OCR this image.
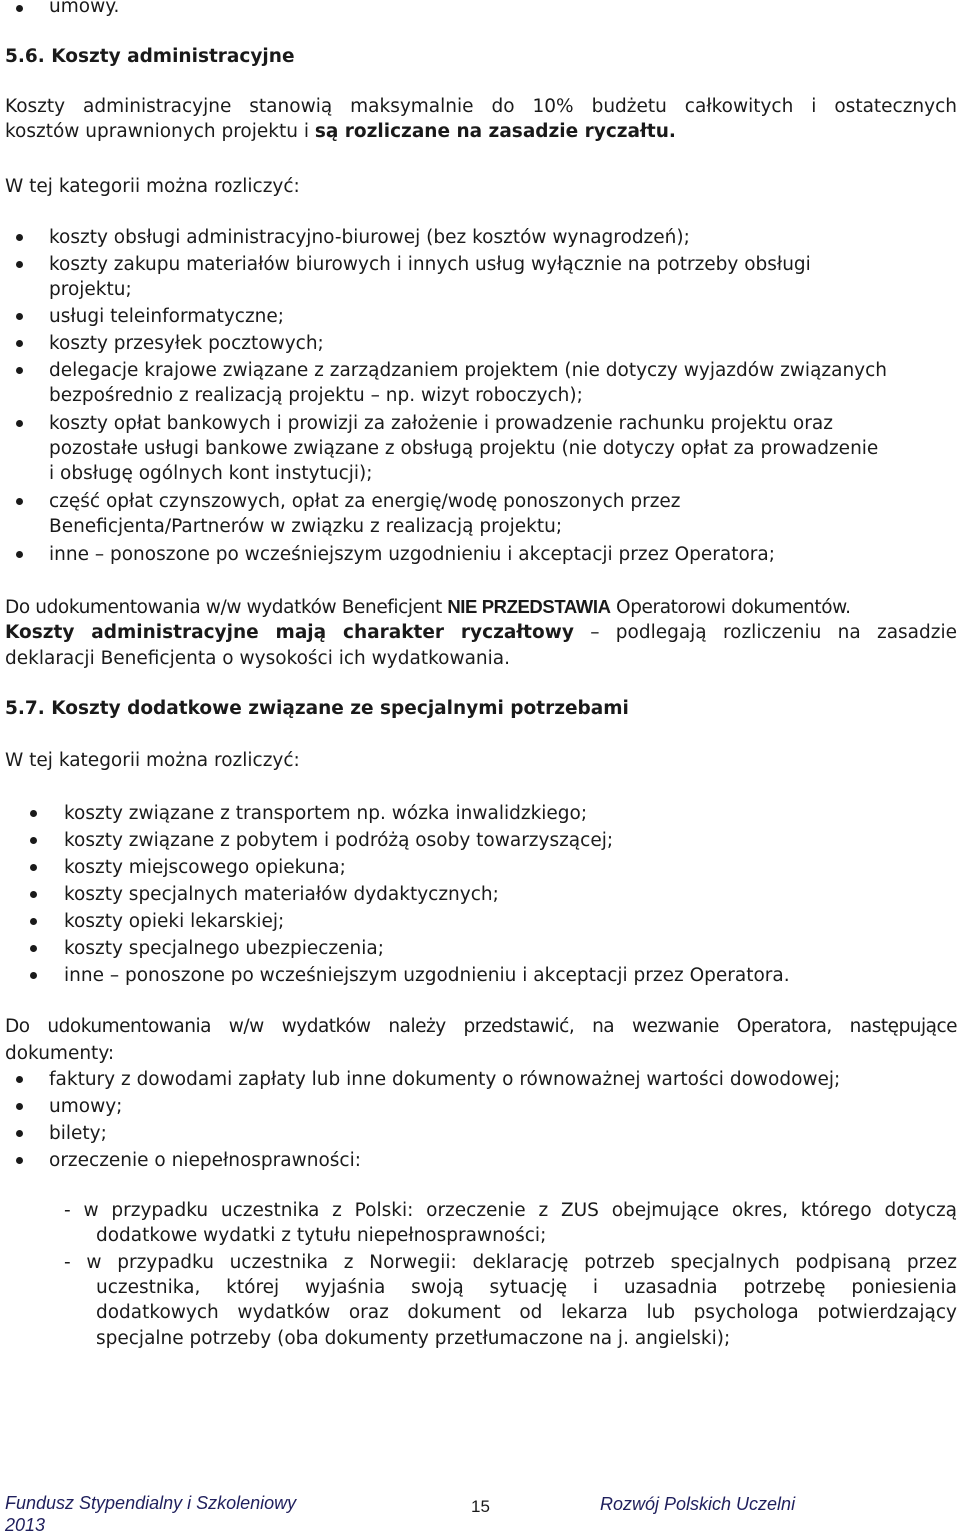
umowy.
5.6. Koszty administracyjne
Koszty administracyjne stanowią maksymalnie do 10% budżetu całkowitych i ostatecznych
kosztów uprawnionych projektu i są rozliczane na zasadzie ryczałtu.
W tej kategorii można rozliczyć:
koszty obsługi administracyjno-biurowej (bez kosztów wynagrodzeń);
koszty zakupu materiałów biurowych i innych usług wyłącznie na potrzeby obsługi
projektu;
usługi teleinformatyczne;
koszty przesyłek pocztowych;
delegacje krajowe związane z zarządzaniem projektem (nie dotyczy wyjazdów związanych
bezpośrednio z realizacją projektu – np. wizyt roboczych);
koszty opłat bankowych i prowizji za założenie i prowadzenie rachunku projektu oraz
pozostałe usługi bankowe związane z obsługą projektu (nie dotyczy opłat za prowadzenie
i obsługę ogólnych kont instytucji);
część opłat czynszowych, opłat za energię/wodę ponoszonych przez
Beneficjenta/Partnerów w związku z realizacją projektu;
inne – ponoszone po wcześniejszym uzgodnieniu i akceptacji przez Operatora;
Do udokumentowania w/w wydatków Beneficjent NIE PRZEDSTAWIA Operatorowi dokumentów.
Koszty administracyjne mają charakter ryczałtowy – podlegają rozliczeniu na zasadzie
deklaracji Beneficjenta o wysokości ich wydatkowania.
5.7. Koszty dodatkowe związane ze specjalnymi potrzebami
W tej kategorii można rozliczyć:
koszty związane z transportem np. wózka inwalidzkiego;
koszty związane z pobytem i podróżą osoby towarzyszącej;
koszty miejscowego opiekuna;
koszty specjalnych materiałów dydaktycznych;
koszty opieki lekarskiej;
koszty specjalnego ubezpieczenia;
inne – ponoszone po wcześniejszym uzgodnieniu i akceptacji przez Operatora.
Do udokumentowania w/w wydatków należy przedstawić, na wezwanie Operatora, następujące
dokumenty:
faktury z dowodami zapłaty lub inne dokumenty o równoważnej wartości dowodowej;
umowy;
bilety;
orzeczenie o niepełnosprawności:
- w przypadku uczestnika z Polski: orzeczenie z ZUS obejmujące okres, którego dotyczą
dodatkowe wydatki z tytułu niepełnosprawności;
- w przypadku uczestnika z Norwegii: deklarację potrzeb specjalnych podpisaną przez
uczestnika, której wyjaśnia swoją sytuację i uzasadnia potrzebę poniesienia
dodatkowych wydatków oraz dokument od lekarza lub psychologa potwierdzający
specjalne potrzeby (oba dokumenty przetłumaczone na j. angielski);
Fundusz Stypendialny i Szkoleniowy
2013
15	Rozwój Polskich Uczelni
